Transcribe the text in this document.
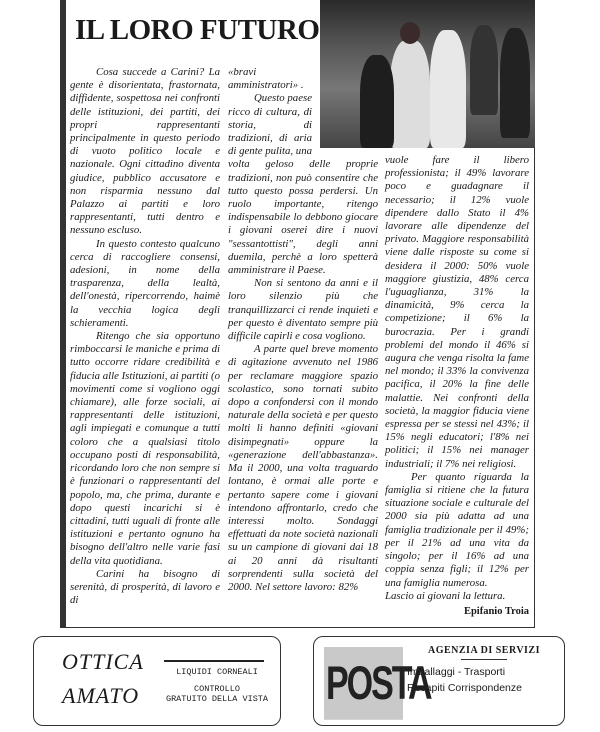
IL LORO FUTURO

Cosa succede a Carini? La gente è disorientata, frastornata, diffidente, sospettosa nei confronti delle istituzioni, dei partiti, dei propri rappresentanti principalmente in questo periodo di vuoto politico locale e nazionale. Ogni cittadino diventa giudice, pubblico accusatore e non risparmia nessuno dal Palazzo ai partiti e loro rappresentanti, tutti dentro e nessuno escluso.

In questo contesto qualcuno cerca di raccogliere consensi, adesioni, in nome della trasparenza, della lealtà, dell'onestà, ripercorrendo, haimè la vecchia logica degli schieramenti.

Ritengo che sia opportuno rimboccarsi le maniche e prima di tutto occorre ridare credibilità e fiducia alle Istituzioni, ai partiti (o movimenti come si vogliono oggi chiamare), alle forze sociali, ai rappresentanti delle istituzioni, agli impiegati e comunque a tutti coloro che a qualsiasi titolo occupano posti di responsabilità, ricordando loro che non sempre si è funzionari o rappresentanti del popolo, ma, che prima, durante e dopo questi incarichi si è cittadini, tutti uguali di fronte alle istituzioni e pertanto ognuno ha bisogno dell'altro nelle varie fasi della vita quotidiana.

Carini ha bisogno di serenità, di prosperità, di lavoro e di

«bravi amministratori» .

Questo paese ricco di cultura, di storia, di tradizioni, di aria di gente pulita, una volta geloso delle proprie tradizioni, non può consentire che tutto questo possa perdersi. Un ruolo importante, ritengo indispensabile lo debbono giocare i giovani oserei dire i nuovi "sessantottisti", degli anni duemila, perchè a loro spetterà amministrare il Paese.

Non si sentono da anni e il loro silenzio più che tranquillizzarci ci rende inquieti e per questo è diventato sempre più difficile capirli e cosa vogliono.

A parte quel breve momento di agitazione avvenuto nel 1986 per reclamare maggiore spazio scolastico, sono tornati subito dopo a confondersi con il mondo naturale della società e per questo molti li hanno definiti «giovani disimpegnati» oppure la «generazione dell'abbastanza». Ma il 2000, una volta traguardo lontano, è ormai alle porte e pertanto sapere come i giovani intendono affrontarlo, credo che interessi molto. Sondaggi effettuati da note società nazionali su un campione di giovani dai 18 ai 20 anni dà risultanti sorprendenti sulla società del 2000. Nel settore lavoro: 82%

vuole fare il libero professionista; il 49% lavorare poco e guadagnare il necessario; il 12% vuole dipendere dallo Stato il 4% lavorare alle dipendenze del privato. Maggiore responsabilità viene dalle risposte su come si desidera il 2000: 50% vuole maggiore giustizia, 48% cerca l'uguaglianza, 31% la dinamicità, 9% cerca la competizione; il 6% la burocrazia. Per i grandi problemi del mondo il 46% si augura che venga risolta la fame nel mondo; il 33% la convivenza pacifica, il 20% la fine delle malattie. Nei confronti della società, la maggior fiducia viene espressa per se stessi nel 43%; il 15% negli educatori; l'8% nei politici; il 15% nei manager industriali; il 7% nei religiosi.

Per quanto riguarda la famiglia si ritiene che la futura situazione sociale e culturale del 2000 sia più adatta ad una famiglia tradizionale per il 49%; per il 21% ad una vita da singolo; per il 16% ad una coppia senza figli; il 12% per una famiglia numerosa.

Lascio ai giovani la lettura.

Epifanio Troia
OTTICA
AMATO
LIQUIDI CORNEALI
CONTROLLO
GRATUITO DELLA VISTA POSTA
AGENZIA DI SERVIZI
Imballaggi - Trasporti
Recapiti Corrispondenze
